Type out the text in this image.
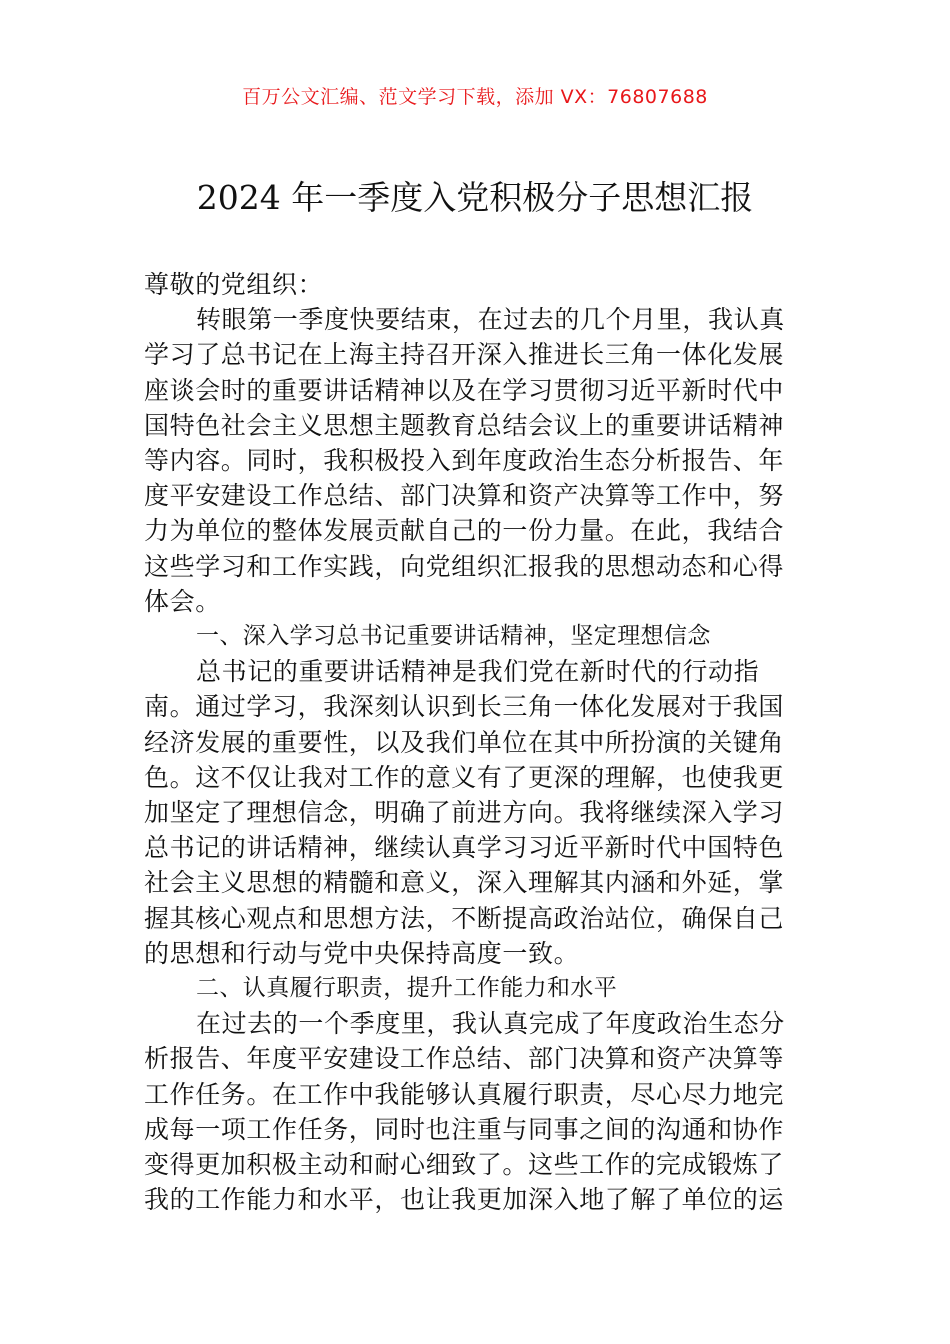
百万公文汇编、范文学习下载，添加 VX：76807688
2024 年一季度入党积极分子思想汇报

尊敬的党组织：

转眼第一季度快要结束，在过去的几个月里，我认真学习了总书记在上海主持召开深入推进长三角一体化发展座谈会时的重要讲话精神以及在学习贯彻习近平新时代中国特色社会主义思想主题教育总结会议上的重要讲话精神等内容。同时，我积极投入到年度政治生态分析报告、年度平安建设工作总结、部门决算和资产决算等工作中，努力为单位的整体发展贡献自己的一份力量。在此，我结合这些学习和工作实践，向党组织汇报我的思想动态和心得体会。

一、深入学习总书记重要讲话精神，坚定理想信念

总书记的重要讲话精神是我们党在新时代的行动指南。通过学习，我深刻认识到长三角一体化发展对于我国经济发展的重要性，以及我们单位在其中所扮演的关键角色。这不仅让我对工作的意义有了更深的理解，也使我更加坚定了理想信念，明确了前进方向。我将继续深入学习总书记的讲话精神，继续认真学习习近平新时代中国特色社会主义思想的精髓和意义，深入理解其内涵和外延，掌握其核心观点和思想方法，不断提高政治站位，确保自己的思想和行动与党中央保持高度一致。

二、认真履行职责，提升工作能力和水平

在过去的一个季度里，我认真完成了年度政治生态分析报告、年度平安建设工作总结、部门决算和资产决算等工作任务。在工作中我能够认真履行职责，尽心尽力地完成每一项工作任务，同时也注重与同事之间的沟通和协作变得更加积极主动和耐心细致了。这些工作的完成锻炼了我的工作能力和水平，也让我更加深入地了解了单位的运
